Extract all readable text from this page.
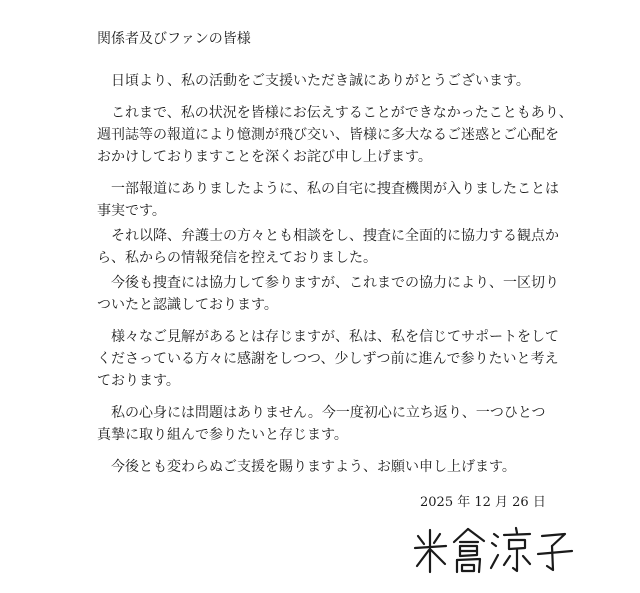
関係者及びファンの皆様
　日頃より、私の活動をご支援いただき誠にありがとうございます。
　これまで、私の状況を皆様にお伝えすることができなかったこともあり、
週刊誌等の報道により憶測が飛び交い、皆様に多大なるご迷惑とご心配を
おかけしておりますことを深くお詫び申し上げます。
　一部報道にありましたように、私の自宅に捜査機関が入りましたことは
事実です。
　それ以降、弁護士の方々とも相談をし、捜査に全面的に協力する観点か
ら、私からの情報発信を控えておりました。
　今後も捜査には協力して参りますが、これまでの協力により、一区切り
ついたと認識しております。
　様々なご見解があるとは存じますが、私は、私を信じてサポートをして
くださっている方々に感謝をしつつ、少しずつ前に進んで参りたいと考え
ております。
　私の心身には問題はありません。今一度初心に立ち返り、一つひとつ
真摯に取り組んで参りたいと存じます。
　今後とも変わらぬご支援を賜りますよう、お願い申し上げます。
2025 年 12 月 26 日
